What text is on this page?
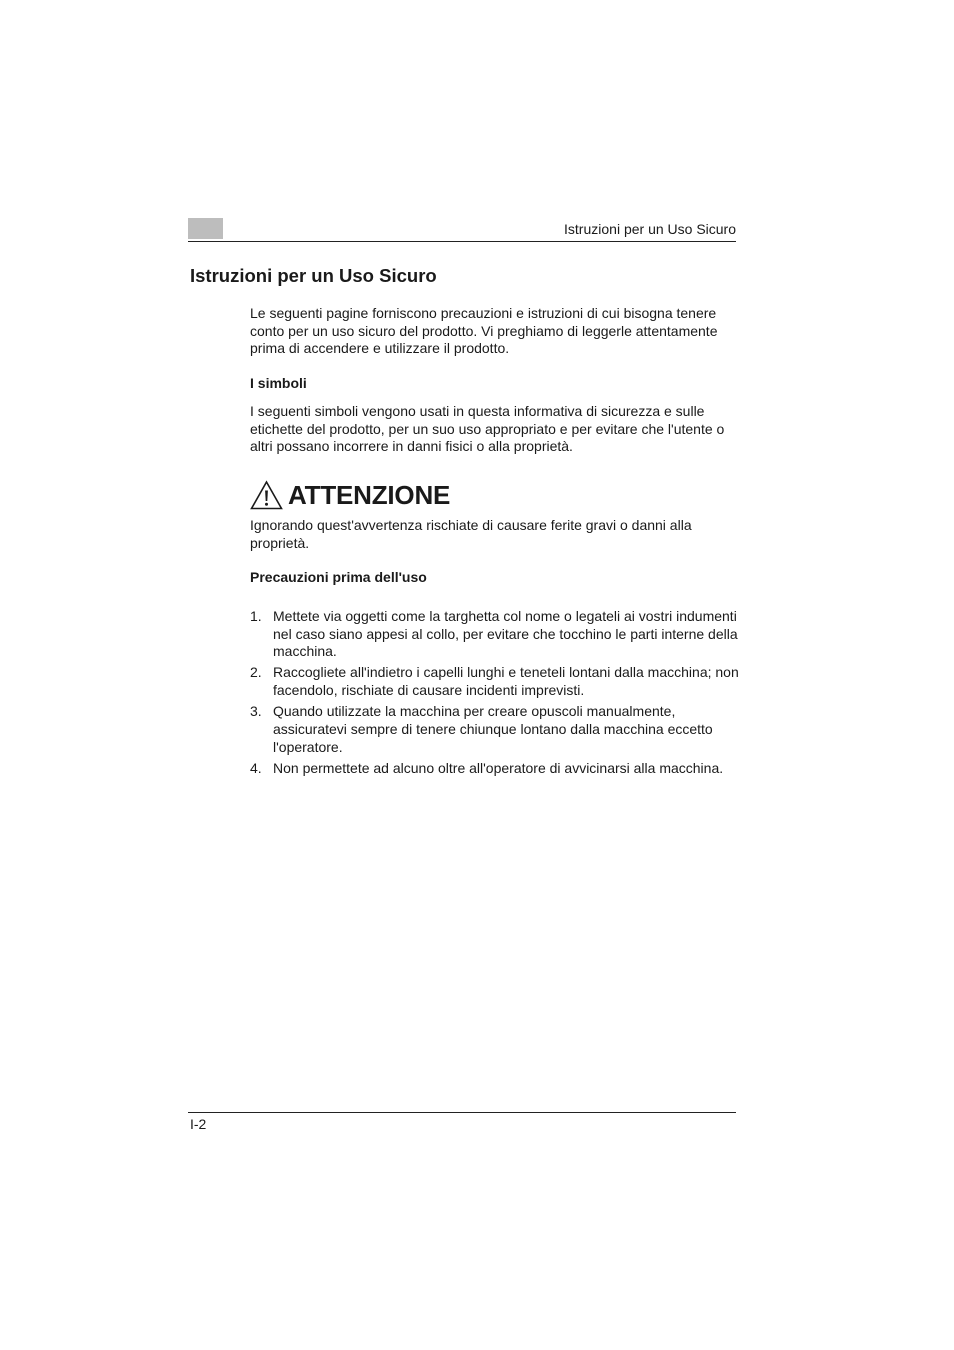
Istruzioni per un Uso Sicuro
Istruzioni per un Uso Sicuro

Le seguenti pagine forniscono precauzioni e istruzioni di cui bisogna tenere conto per un uso sicuro del prodotto. Vi preghiamo di leggerle attentamente prima di accendere e utilizzare il prodotto.

I simboli

I seguenti simboli vengono usati in questa informativa di sicurezza e sulle etichette del prodotto, per un suo uso appropriato e per evitare che l'utente o altri possano incorrere in danni fisici o alla proprietà.

ATTENZIONE

Ignorando quest'avvertenza rischiate di causare ferite gravi o danni alla proprietà.

Precauzioni prima dell'uso

1. Mettete via oggetti come la targhetta col nome o legateli ai vostri indumenti nel caso siano appesi al collo, per evitare che tocchino le parti interne della macchina.
2. Raccogliete all'indietro i capelli lunghi e teneteli lontani dalla macchina; non facendolo, rischiate di causare incidenti imprevisti.
3. Quando utilizzate la macchina per creare opuscoli manualmente, assicuratevi sempre di tenere chiunque lontano dalla macchina eccetto l'operatore.
4. Non permettete ad alcuno oltre all'operatore di avvicinarsi alla macchina.
I-2
